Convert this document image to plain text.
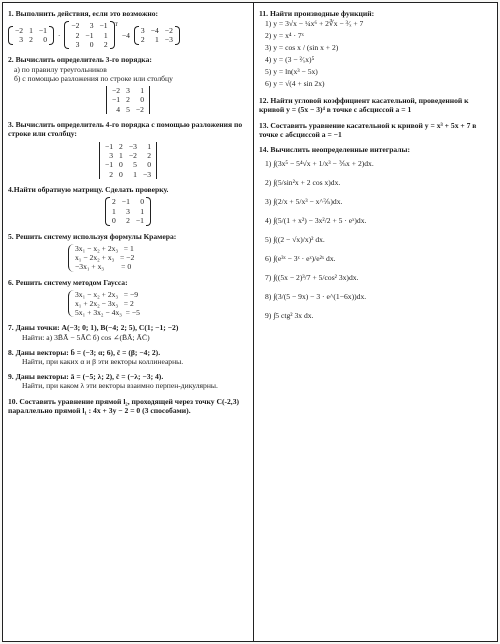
1. Выполнить действия, если это возможно:
−2	1	−1
3	2	0
·
−2	3	−1
2	−1	1
3	0	2
$^T$ −4
3	−4	−2
2	1	−3
2. Вычислить определитель 3-го порядка:
а) по правилу треугольников
б) с помощью разложения по строке или столбцу
−2	3	1
−1	2	0
4	5	−2
3. Вычислить определитель 4-го порядка с помощью разложения по строке или столбцу:
−1	2	−3	1
3	1	−2	2
−1	0	5	0
2	0	1	−3
4.Найти обратную матрицу. Сделать проверку.
2	−1	0
1	3	1
0	2	−1
5. Решить систему используя формулы Крамера:
3x₁ − x₂ + 2x₃   = 1
x₁ − 2x₂ + x₃   = −2
−3x₁ + x₃         = 0
6. Решить систему методом Гаусса:
3x₁ − x₂ + 2x₃   = −9
x₁ + 2x₂ − 3x₃   = 2
5x₁ + 3x₂ − 4x₃  = −5
7. Даны точки: A(−3; 0; 1), B(−4; 2; 5), C(1; −1; −2)
Найти: а) 3B̄Ā − 5ĀC̄ б) cos ∠(B̄Ā; ĀC̄)
8. Даны векторы: b̄ = (−3; α; 6), c̄ = (β; −4; 2).
Найти, при каких α и β эти векторы коллинеарны.
9. Даны векторы: ā = (−5; λ; 2), c̄ = (−λ; −3; 4).
Найти, при каком λ эти векторы взаимно перпен-дикулярны.
10. Составить уравнение прямой l₂, проходящей через точку C(-2,3) параллельно прямой l₁ : 4x + 3y − 2 = 0 (3 способами).
11. Найти производные функций:
1) y = 3√x − ¼x⁶ + 2∛x − ³⁄ₓ + 7
2) y = x⁴ · 7ˣ
3) y = cos x / (sin x + 2)
4) y = (3 − ²⁄ₓx)⁵
5) y = ln(x³ − 5x)
6) y = √(4 + sin 2x)
12. Найти угловой коэффициент касательной, проведенной к кривой y = (5x − 3)⁴ в точке с абсциссой a = 1
13. Составить уравнение касательной к кривой y = x³ + 5x + 7 в точке с абсциссой a = −1
14. Вычислить неопределенные интегралы:
1) ∫(3x⁵ − 5⁴√x + 1/x³ − ⅗x + 2)dx.
2) ∫(5/sin²x + 2 cos x)dx.
3) ∫(2/x + 5/x³ − x^⅖)dx.
4) ∫(5/(1 + x²) − 3x²/2 + 5 · eˣ)dx.
5) ∫((2 − √x)/x)² dx.
6) ∫(e³ˣ − 3ˣ · eˣ)/e²ˣ dx.
7) ∫((5x − 2)³/7 + 5/cos² 3x)dx.
8) ∫(3/(5 − 9x) − 3 · e^(1−6x))dx.
9) ∫5 ctg² 3x dx.
